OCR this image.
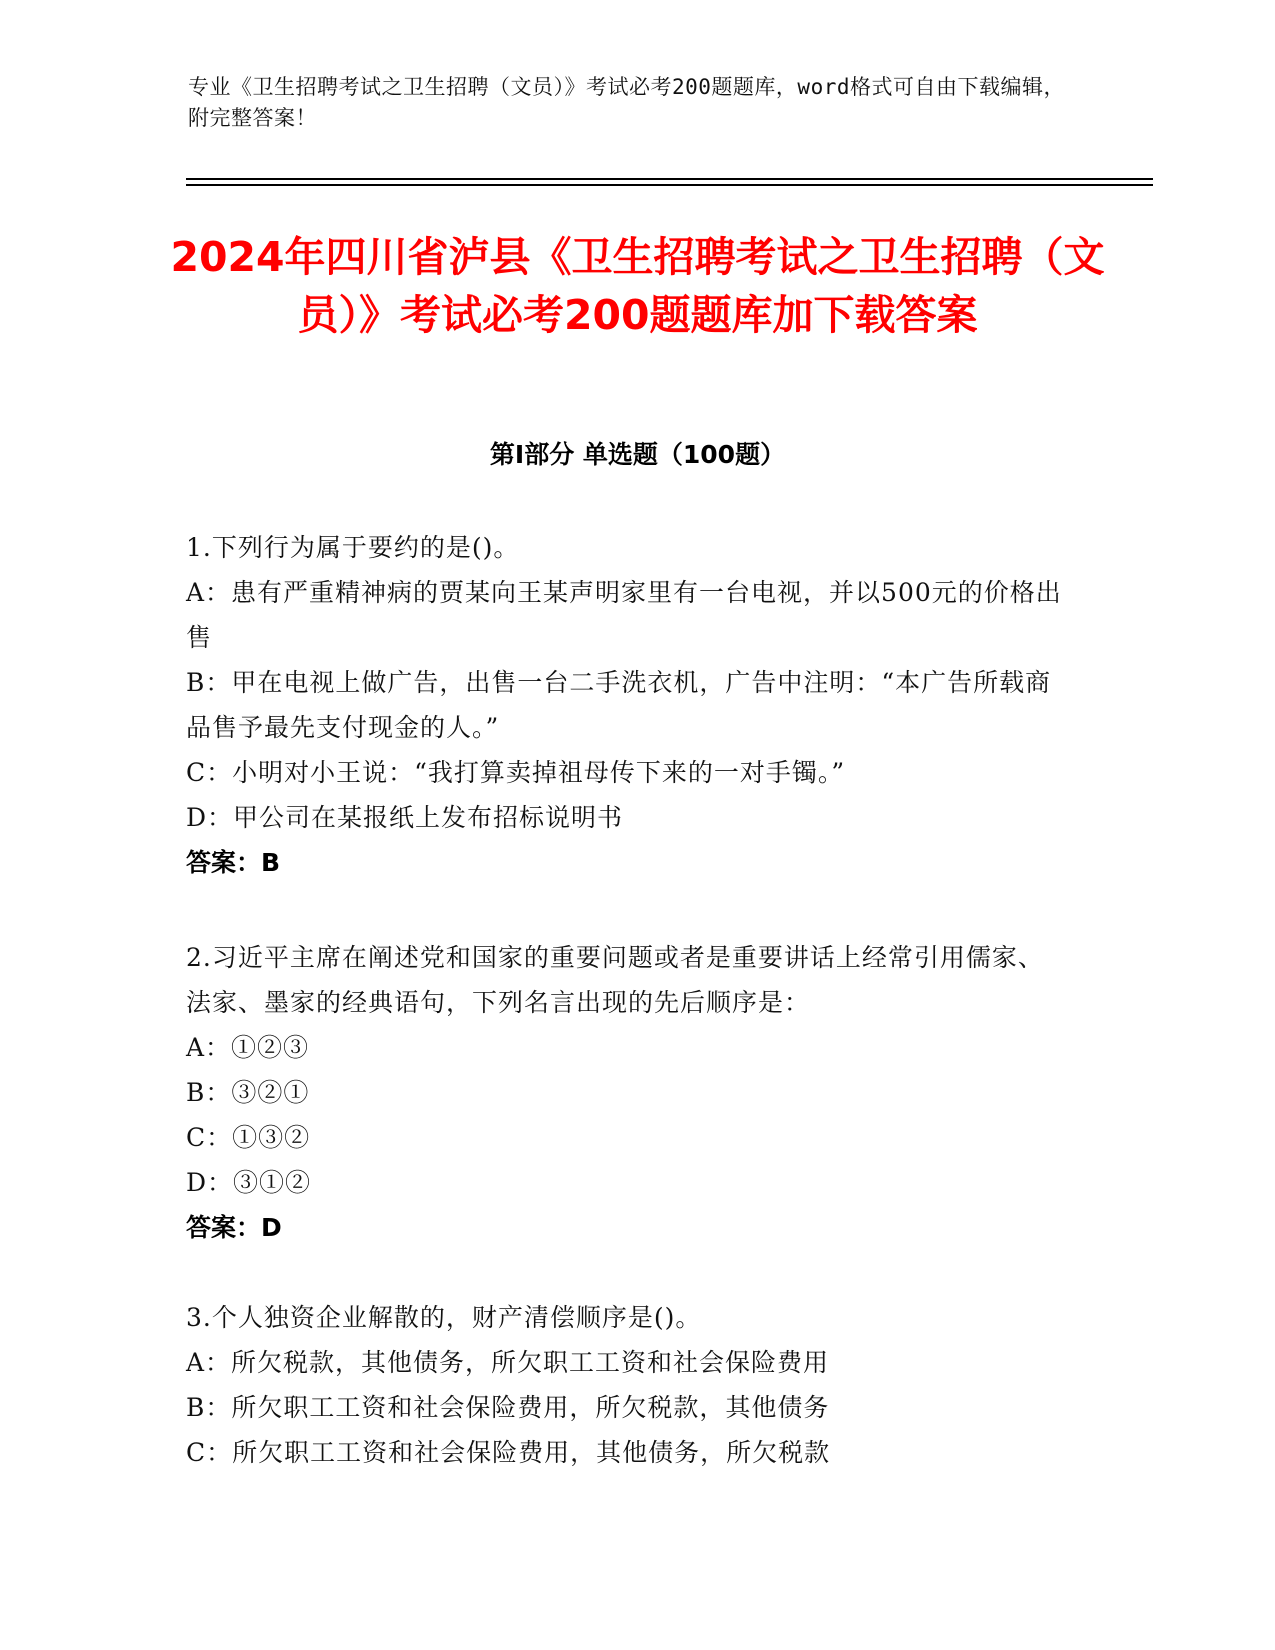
专业《卫生招聘考试之卫生招聘（文员）》考试必考200题题库，word格式可自由下载编辑，附完整答案！
2024年四川省泸县《卫生招聘考试之卫生招聘（文员）》考试必考200题题库加下载答案
第Ⅰ部分 单选题（100题）
1.下列行为属于要约的是()。
A：患有严重精神病的贾某向王某声明家里有一台电视，并以500元的价格出售
B：甲在电视上做广告，出售一台二手洗衣机，广告中注明：“本广告所载商品售予最先支付现金的人。”
C：小明对小王说：“我打算卖掉祖母传下来的一对手镯。”
D：甲公司在某报纸上发布招标说明书
答案：B
2.习近平主席在阐述党和国家的重要问题或者是重要讲话上经常引用儒家、法家、墨家的经典语句，下列名言出现的先后顺序是：
A：①②③
B：③②①
C：①③②
D：③①②
答案：D
3.个人独资企业解散的，财产清偿顺序是()。
A：所欠税款，其他债务，所欠职工工资和社会保险费用
B：所欠职工工资和社会保险费用，所欠税款，其他债务
C：所欠职工工资和社会保险费用，其他债务，所欠税款
